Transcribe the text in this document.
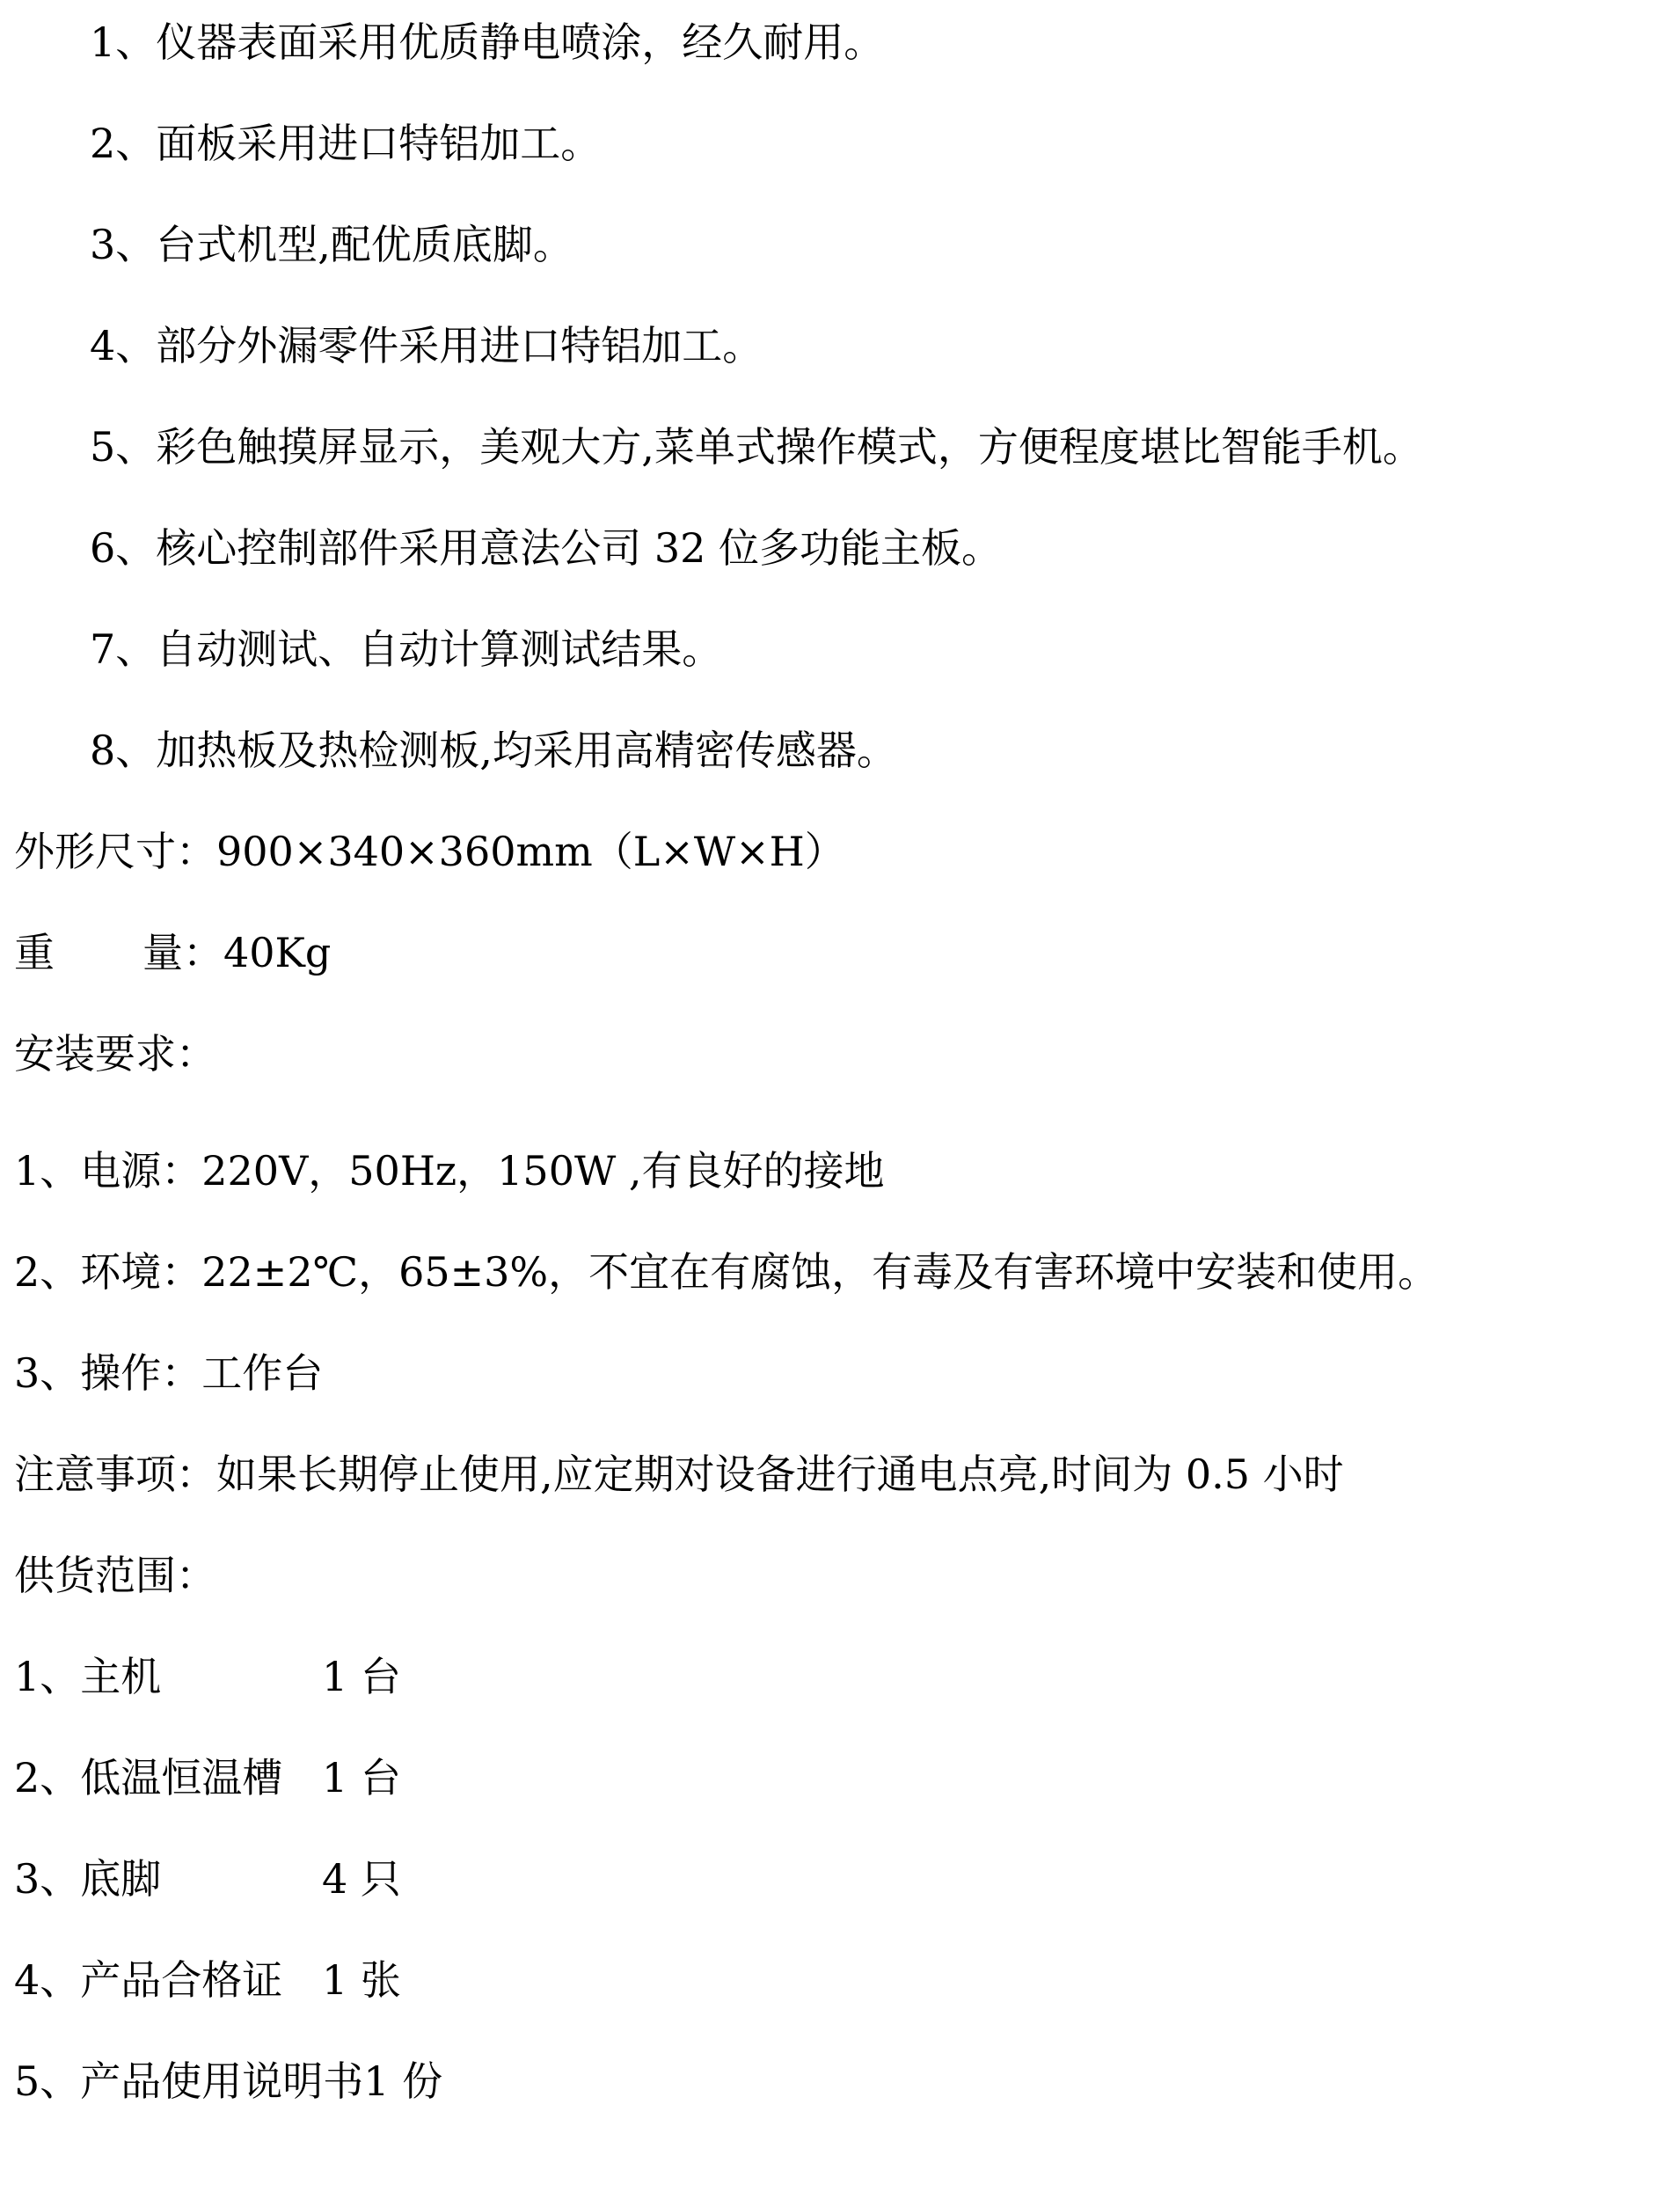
1、仪器表面采用优质静电喷涂，经久耐用。
2、面板采用进口特铝加工。
3、台式机型,配优质底脚。
4、部分外漏零件采用进口特铝加工。
5、彩色触摸屏显示，美观大方,菜单式操作模式，方便程度堪比智能手机。
6、核心控制部件采用意法公司 32 位多功能主板。
7、自动测试、自动计算测试结果。
8、加热板及热检测板,均采用高精密传感器。
外形尺寸：900×340×360mm（L×W×H）
重 量：40Kg
安装要求：
1、电源：220V，50Hz，150W ,有良好的接地
2、环境：22±2℃，65±3%，不宜在有腐蚀，有毒及有害环境中安装和使用。
3、操作：工作台
注意事项：如果长期停止使用,应定期对设备进行通电点亮,时间为 0.5 小时
供货范围：
1、主机	1 台
2、低温恒温槽 1 台
3、底脚	4 只
4、产品合格证 1 张
5、产品使用说明书1 份
